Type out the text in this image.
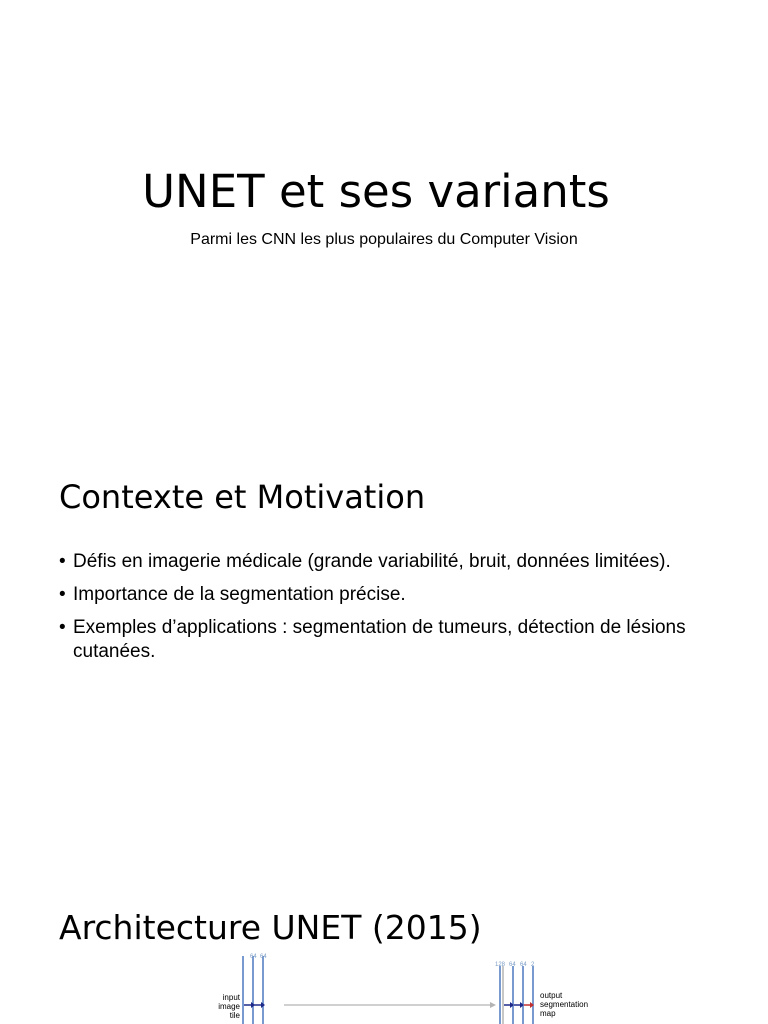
UNET et ses variants
Parmi les CNN les plus populaires du Computer Vision
Contexte et Motivation
• Défis en imagerie médicale (grande variabilité, bruit, données limitées).
• Importance de la segmentation précise.
• Exemples d’applications : segmentation de tumeurs, détection de lésions cutanées.
Architecture UNET (2015)
input
image
tile
64 64
128 64 64 2
output
segmentation
map
